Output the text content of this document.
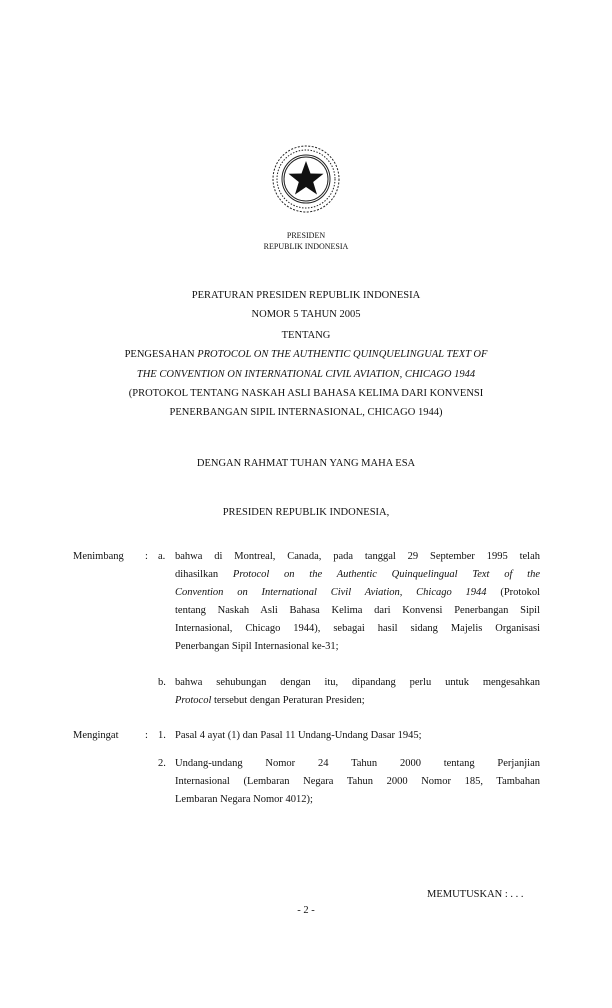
PRESIDEN
REPUBLIK INDONESIA
PERATURAN PRESIDEN REPUBLIK INDONESIA
NOMOR 5 TAHUN 2005
TENTANG
PENGESAHAN PROTOCOL ON THE AUTHENTIC QUINQUELINGUAL TEXT OF
THE CONVENTION ON INTERNATIONAL CIVIL AVIATION, CHICAGO 1944
(PROTOKOL TENTANG NASKAH ASLI BAHASA KELIMA DARI KONVENSI
PENERBANGAN SIPIL INTERNASIONAL, CHICAGO 1944)
DENGAN RAHMAT TUHAN YANG MAHA ESA
PRESIDEN REPUBLIK INDONESIA,
Menimbang : a. bahwa di Montreal, Canada, pada tanggal 29 September 1995 telah
dihasilkan Protocol on the Authentic Quinquelingual Text of the
Convention on International Civil Aviation, Chicago 1944 (Protokol
tentang Naskah Asli Bahasa Kelima dari Konvensi Penerbangan Sipil
Internasional, Chicago 1944), sebagai hasil sidang Majelis Organisasi
Penerbangan Sipil Internasional ke-31;
b. bahwa sehubungan dengan itu, dipandang perlu untuk mengesahkan
Protocol tersebut dengan Peraturan Presiden;
Mengingat	: 1. Pasal 4 ayat (1) dan Pasal 11 Undang-Undang Dasar 1945;
2. Undang-undang Nomor 24 Tahun 2000 tentang Perjanjian
Internasional (Lembaran Negara Tahun 2000 Nomor 185, Tambahan
Lembaran Negara Nomor 4012);
MEMUTUSKAN : . . .
- 2 -
